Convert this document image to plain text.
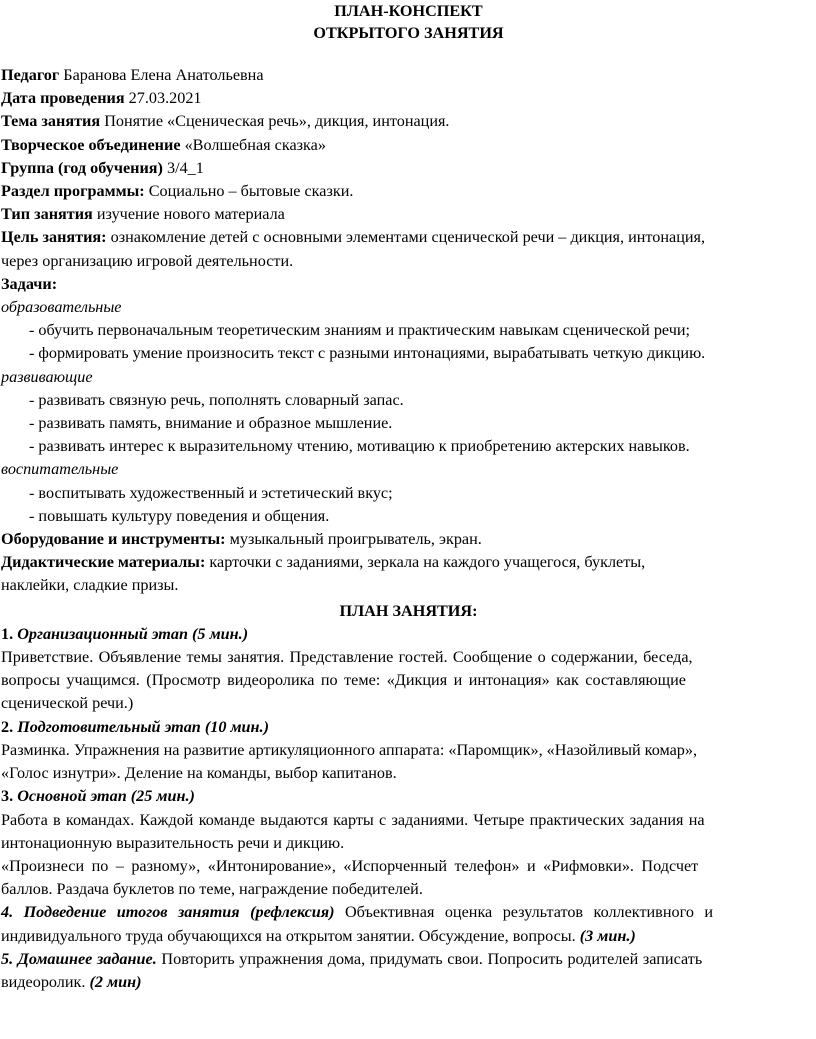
ПЛАН-КОНСПЕКТ
ОТКРЫТОГО ЗАНЯТИЯ

Педагог Баранова Елена Анатольевна

Дата проведения 27.03.2021

Тема занятия Понятие «Сценическая речь», дикция, интонация.

Творческое объединение «Волшебная сказка»

Группа (год обучения) 3/4_1

Раздел программы: Социально – бытовые сказки.

Тип занятия изучение нового материала

Цель занятия: ознакомление детей с основными элементами сценической речи – дикция, интонация,

через организацию игровой деятельности.

Задачи:

образовательные

- обучить первоначальным теоретическим знаниям и практическим навыкам сценической речи;

- формировать умение произносить текст с разными интонациями, вырабатывать четкую дикцию.

развивающие

- развивать связную речь, пополнять словарный запас.

- развивать память, внимание и образное мышление.

- развивать интерес к выразительному чтению, мотивацию к приобретению актерских навыков.

воспитательные

- воспитывать художественный и эстетический вкус;

- повышать культуру поведения и общения.

Оборудование и инструменты: музыкальный проигрыватель, экран.

Дидактические материалы: карточки с заданиями, зеркала на каждого учащегося, буклеты,

наклейки, сладкие призы.

ПЛАН ЗАНЯТИЯ:

1. Организационный этап (5 мин.)

Приветствие. Объявление темы занятия. Представление гостей. Сообщение о содержании, беседа,

вопросы учащимся. (Просмотр видеоролика по теме: «Дикция и интонация» как составляющие

сценической речи.)

2. Подготовительный этап (10 мин.)

Разминка. Упражнения на развитие артикуляционного аппарата: «Паромщик», «Назойливый комар»,

«Голос изнутри». Деление на команды, выбор капитанов.

3. Основной этап (25 мин.)

Работа в командах. Каждой команде выдаются карты с заданиями. Четыре практических задания на

интонационную выразительность речи и дикцию.

«Произнеси по – разному», «Интонирование», «Испорченный телефон» и «Рифмовки». Подсчет

баллов. Раздача буклетов по теме, награждение победителей.

4. Подведение итогов занятия (рефлексия) Объективная оценка результатов коллективного и

индивидуального труда обучающихся на открытом занятии. Обсуждение, вопросы. (3 мин.)

5. Домашнее задание. Повторить упражнения дома, придумать свои. Попросить родителей записать

видеоролик. (2 мин)
